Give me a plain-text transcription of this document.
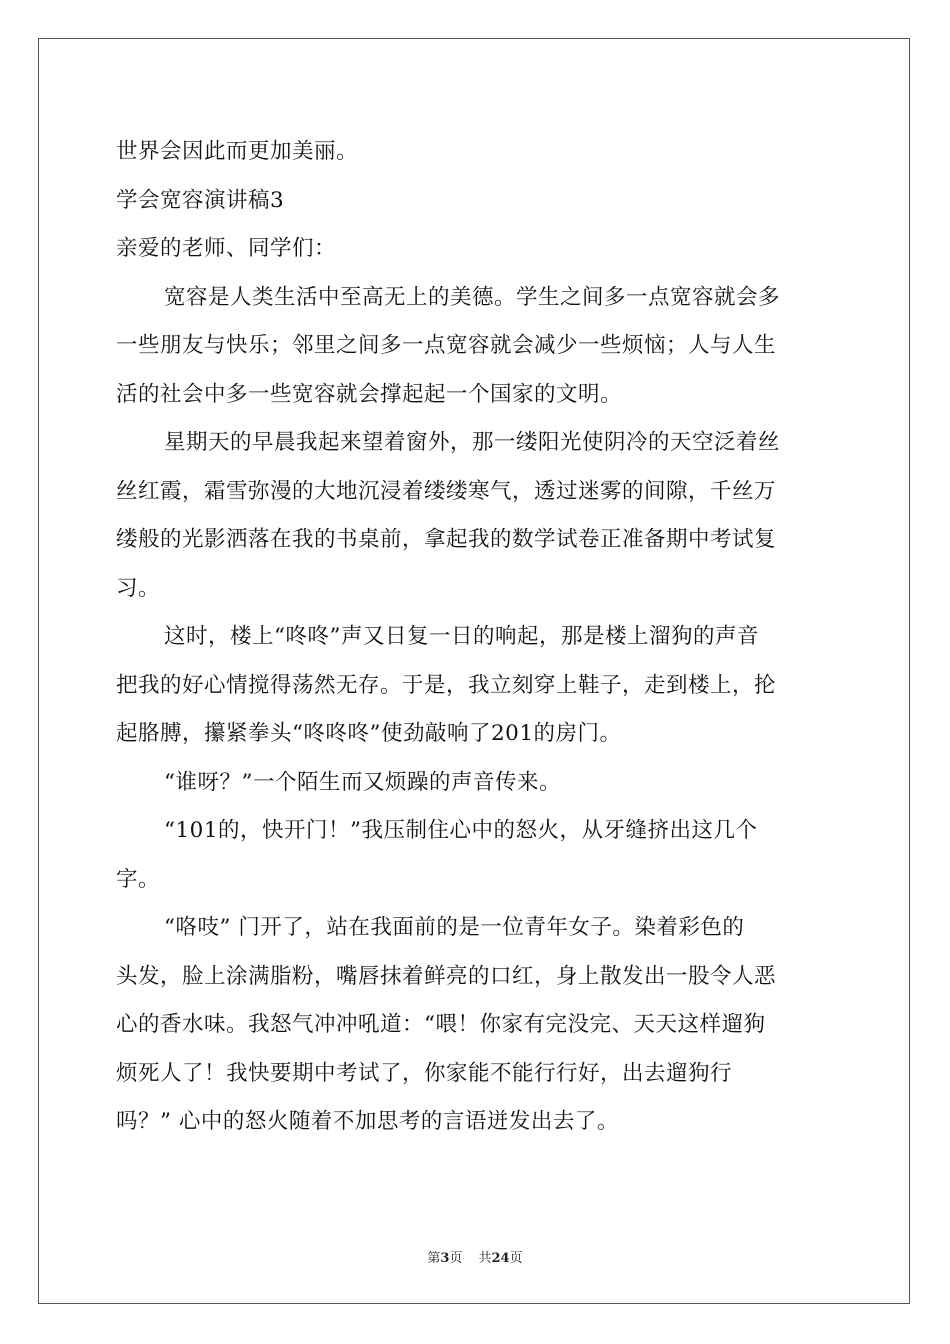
世界会因此而更加美丽。
学会宽容演讲稿3
亲爱的老师、同学们：
宽容是人类生活中至高无上的美德。学生之间多一点宽容就会多
一些朋友与快乐；邻里之间多一点宽容就会减少一些烦恼；人与人生
活的社会中多一些宽容就会撑起起一个国家的文明。
星期天的早晨我起来望着窗外，那一缕阳光使阴冷的天空泛着丝
丝红霞，霜雪弥漫的大地沉浸着缕缕寒气，透过迷雾的间隙，千丝万
缕般的光影洒落在我的书桌前，拿起我的数学试卷正准备期中考试复
习。
这时，楼上“咚咚”声又日复一日的响起，那是楼上溜狗的声音
把我的好心情搅得荡然无存。于是，我立刻穿上鞋子，走到楼上，抡
起胳膊，攥紧拳头“咚咚咚”使劲敲响了201的房门。
“谁呀？”一个陌生而又烦躁的声音传来。
“101的，快开门！”我压制住心中的怒火，从牙缝挤出这几个
字。
“咯吱” 门开了，站在我面前的是一位青年女子。染着彩色的
头发，脸上涂满脂粉，嘴唇抹着鲜亮的口红，身上散发出一股令人恶
心的香水味。我怒气冲冲吼道：“喂！你家有完没完、天天这样遛狗
烦死人了！我快要期中考试了，你家能不能行行好，出去遛狗行
吗？” 心中的怒火随着不加思考的言语迸发出去了。
第3页 共24页
